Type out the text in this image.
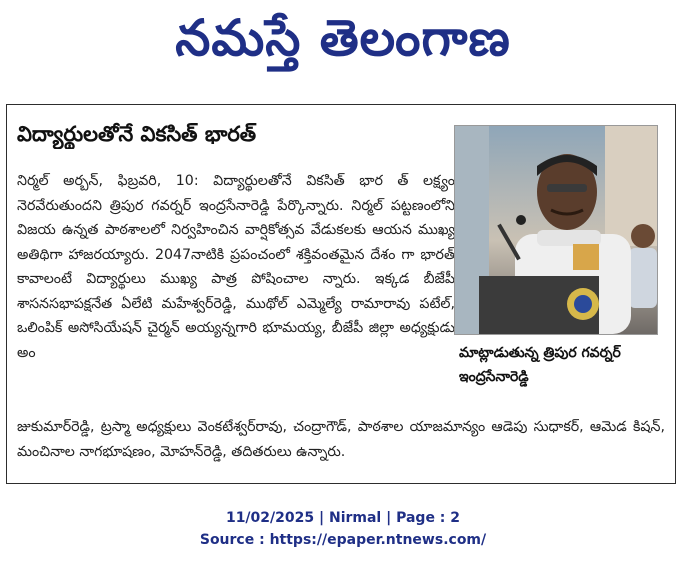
నమస్తే తెలంగాణ
విద్యార్థులతోనే వికసిత్ భారత్
నిర్మల్ అర్బన్, ఫిబ్రవరి, 10: విద్యార్థులతోనే వికసిత్ భార త్ లక్ష్యం నెరవేరుతుందని త్రిపుర గవర్నర్ ఇంద్రసేనారెడ్డి పేర్కొన్నారు. నిర్మల్ పట్టణంలోని విజయ ఉన్నత పాఠశాలలో నిర్వహించిన వార్షికోత్సవ వేడుకలకు ఆయన ముఖ్య అతిథిగా హాజరయ్యారు. 2047నాటికి ప్రపంచంలో శక్తివంతమైన దేశం గా భారత్ కావాలంటే విద్యార్థులు ముఖ్య పాత్ర పోషించాల న్నారు. ఇక్కడ బీజేపీ శాసనసభాపక్షనేత ఏలేటి మహేశ్వర్‌రెడ్డి, ముథోల్ ఎమ్మెల్యే రామారావు పటేల్, ఒలింపిక్ అసోసియేషన్ చైర్మన్ అయ్యన్నగారి భూమయ్య, బీజేపీ జిల్లా అధ్యక్షుడు అం	మాట్లాడుతున్న త్రిపుర గవర్నర్ ఇంద్రసేనారెడ్డి
జుకుమార్‌రెడ్డి, ట్రస్మా అధ్యక్షులు వెంకటేశ్వర్‌రావు, చంద్రాగౌడ్, పాఠశాల యాజమాన్యం ఆడెపు సుధాకర్, ఆమెడ కిషన్, మంచినాల నాగభూషణం, మోహన్‌రెడ్డి, తదితరులు ఉన్నారు.
11/02/2025 | Nirmal | Page : 2
Source : https://epaper.ntnews.com/
